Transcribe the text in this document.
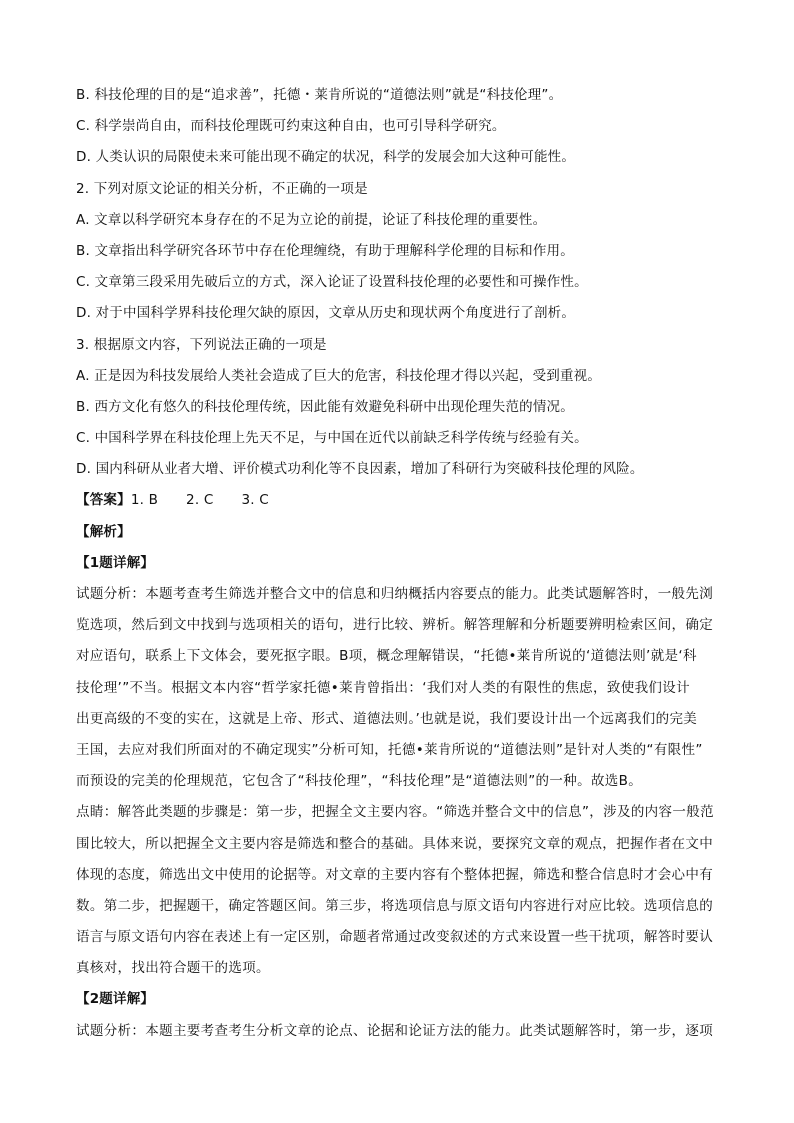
B. 科技伦理的目的是“追求善”，托德・莱肯所说的“道德法则”就是“科技伦理”。
C. 科学崇尚自由，而科技伦理既可约束这种自由，也可引导科学研究。
D. 人类认识的局限使未来可能出现不确定的状况，科学的发展会加大这种可能性。
2. 下列对原文论证的相关分析，不正确的一项是
A. 文章以科学研究本身存在的不足为立论的前提，论证了科技伦理的重要性。
B. 文章指出科学研究各环节中存在伦理缠绕，有助于理解科学伦理的目标和作用。
C. 文章第三段采用先破后立的方式，深入论证了设置科技伦理的必要性和可操作性。
D. 对于中国科学界科技伦理欠缺的原因，文章从历史和现状两个角度进行了剖析。
3. 根据原文内容，下列说法正确的一项是
A. 正是因为科技发展给人类社会造成了巨大的危害，科技伦理才得以兴起，受到重视。
B. 西方文化有悠久的科技伦理传统，因此能有效避免科研中出现伦理失范的情况。
C. 中国科学界在科技伦理上先天不足，与中国在近代以前缺乏科学传统与经验有关。
D. 国内科研从业者大增、评价模式功利化等不良因素，增加了科研行为突破科技伦理的风险。
【答案】1. B 2. C 3. C
【解析】
【1题详解】
试题分析：本题考查考生筛选并整合文中的信息和归纳概括内容要点的能力。此类试题解答时，一般先浏
览选项，然后到文中找到与选项相关的语句，进行比较、辨析。解答理解和分析题要辨明检索区间，确定
对应语句，联系上下文体会，要死抠字眼。B项，概念理解错误，“托德•莱肯所说的‘道德法则’就是‘科
技伦理’”不当。根据文本内容“哲学家托德•莱肯曾指出：‘我们对人类的有限性的焦虑，致使我们设计
出更高级的不变的实在，这就是上帝、形式、道德法则。’也就是说，我们要设计出一个远离我们的完美
王国，去应对我们所面对的不确定现实”分析可知，托德•莱肯所说的“道德法则”是针对人类的“有限性”
而预设的完美的伦理规范，它包含了“科技伦理”，“科技伦理”是“道德法则”的一种。故选B。
点睛：解答此类题的步骤是：第一步，把握全文主要内容。“筛选并整合文中的信息”，涉及的内容一般范
围比较大，所以把握全文主要内容是筛选和整合的基础。具体来说，要探究文章的观点，把握作者在文中
体现的态度，筛选出文中使用的论据等。对文章的主要内容有个整体把握，筛选和整合信息时才会心中有
数。第二步，把握题干，确定答题区间。第三步，将选项信息与原文语句内容进行对应比较。选项信息的
语言与原文语句内容在表述上有一定区别，命题者常通过改变叙述的方式来设置一些干扰项，解答时要认
真核对，找出符合题干的选项。
【2题详解】
试题分析：本题主要考查考生分析文章的论点、论据和论证方法的能力。此类试题解答时，第一步，逐项
